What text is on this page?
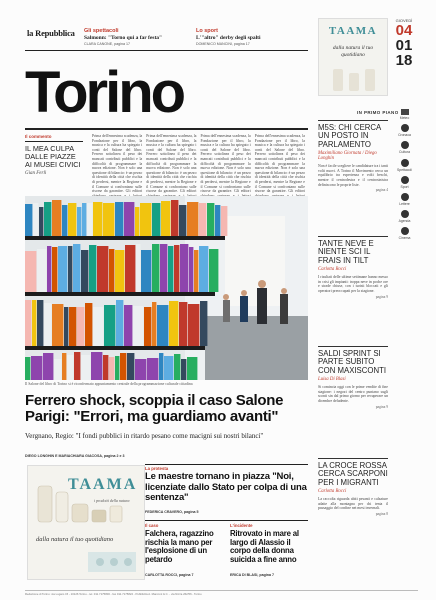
la Repubblica Gli spettacoli
Salmonn: "Torno qui a far festa"
CLARA CANONE, pagina 17
Lo sport
L'"altro" derby degli spalti
DOMENICO MANCINI, pagina 17
Torino
TAAMA
dalla natura il tuo quotidiano
GIOVEDÌ
04
01
18
IN PRIMO PIANO
Il commento
IL MEA CULPA DALLE PIAZZE AI MUSEI CIVICI
Gian Ferli
Prima dell'ennesima scadenza, la Fondazione per il libro, la musica e la cultura ha spiegato i conti del Salone del libro. Ferrero sottolinea il peso dei mancati contributi pubblici e la difficoltà di programmare la nuova edizione. Non è solo una questione di bilancio: è un pezzo di identità della città che rischia di perdersi, mentre la Regione e il Comune si confrontano sulle risorse da garantire. Gli editori
Prima dell'ennesima scadenza, la Fondazione per il libro, la musica e la cultura ha spiegato i conti del Salone del libro. Ferrero sottolinea il peso dei mancati contributi pubblici e la difficoltà di programmare la nuova edizione. Non è solo una questione di bilancio: è un pezzo di identità della città che rischia di perdersi, mentre la Regione e il Comune si confrontano sulle risorse da garantire. Gli editori
Prima dell'ennesima scadenza, la Fondazione per il libro, la musica e la cultura ha spiegato i conti del Salone del libro. Ferrero sottolinea il peso dei mancati contributi pubblici e la difficoltà di programmare la nuova edizione. Non è solo una questione di bilancio: è un pezzo di identità della città che rischia di perdersi, mentre la Regione e il Comune si confrontano sulle risorse da garantire. Gli editori
Prima dell'ennesima scadenza, la Fondazione per il libro, la musica e la cultura ha spiegato i conti del Salone del libro. Ferrero sottolinea il peso dei mancati contributi pubblici e la difficoltà di programmare la nuova edizione. Non è solo una questione di bilancio: è un pezzo di identità della città che rischia di perdersi, mentre la Regione e il Comune si confrontano sulle risorse da garantire. Gli editori
Il Salone del libro di Torino si è riconfermato appuntamento centrale della programmazione culturale cittadina
Ferrero shock, scoppia il caso Salone Parigi: "Errori, ma guardiamo avanti"
Vergnano, Regio: "I fondi pubblici in ritardo pesano come macigni sui nostri bilanci"
DIEGO LONGHIN E MARIACHIARA GIACOSA, pagina 2 e 3
TAAMA
i prodotti della natura
dalla natura il tuo quotidiano
La protesta
Le maestre tornano in piazza "Noi, licenziate dallo Stato per colpa di una sentenza"
FEDERICA CRAVERO, pagina 5
Il caso
Falchera, ragazzino rischia la mano per l'esplosione di un petardo
CARLOTTA ROCCI, pagina 7
L'incidente
Ritrovato in mare al largo di Alassio il corpo della donna suicida a fine anno
ERICA DI BLASI, pagina 7
M5S: CHI CERCA UN POSTO IN PARLAMENTO
Maximiliano Giornata / Diego Longhin
Non è facile scegliere le candidature tra i tanti volti nuovi. A Torino il Movimento cerca un equilibrio tra esperienza e volti freschi, mentre il centrodestra e il centrosinistra definiscono le proprie liste.
pagina 4
TANTE NEVE E NIENTE SCI IL FRAIS IN TILT
Carlotta Rocci
I risultati delle ultime settimane hanno messo in crisi gli impianti: troppa neve in poche ore e strade chiuse, con i turisti bloccati e gli operatori preoccupati per la stagione.
pagina 9
SALDI SPRINT SI PARTE SUBITO CON MAXISCONTI
Luisa Di Blasi
Si comincia oggi con le prime vendite di fine stagione: i negozi del centro puntano sugli sconti sin dal primo giorno per recuperare un dicembre deludente.
pagina 9
LA CROCE ROSSA CERCA SCARPONI PER I MIGRANTI
Carlotta Rocci
La raccolta riguarda abiti pesanti e calzature adatte alla montagna per chi tenta il passaggio del confine nei mesi invernali.
pagina 8
Meteo
Cronaca
Cultura
Spettacoli
Sport
Lettere
Agenda
Cinema
Redazione di Torino: via Lugaro 15 - 10126 Torino - tel. 011.7175800 - fax 011.7175822 - Pubblicità A. Manzoni & C. - via Nizza 262/56 - Torino
